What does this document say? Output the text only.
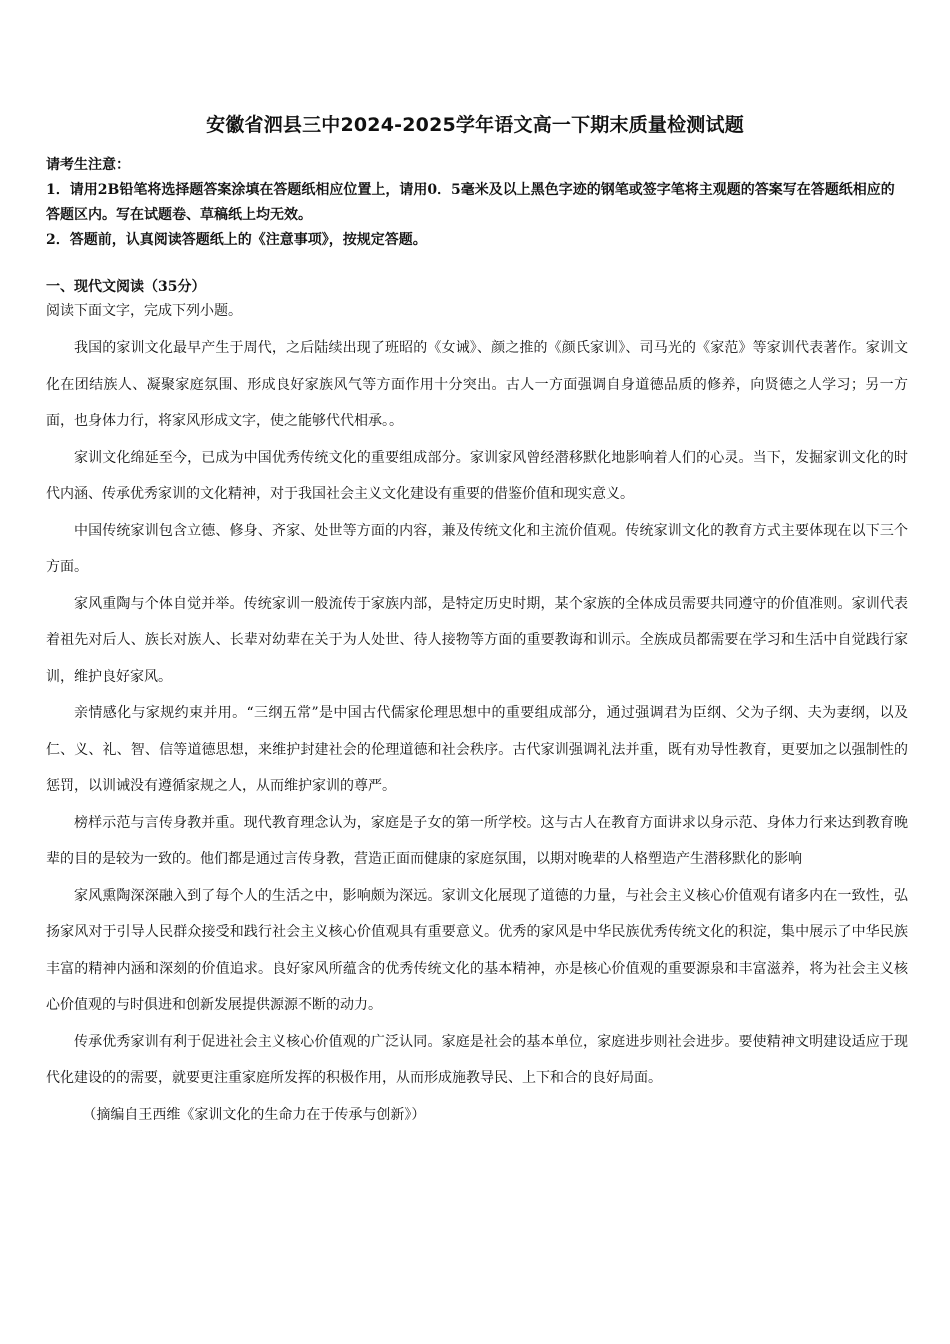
安徽省泗县三中2024-2025学年语文高一下期末质量检测试题

请考生注意：

1．请用2B铅笔将选择题答案涂填在答题纸相应位置上，请用0．5毫米及以上黑色字迹的钢笔或签字笔将主观题的答案写在答题纸相应的答题区内。写在试题卷、草稿纸上均无效。

2．答题前，认真阅读答题纸上的《注意事项》，按规定答题。

一、现代文阅读（35分）
阅读下面文字，完成下列小题。

我国的家训文化最早产生于周代，之后陆续出现了班昭的《女诫》、颜之推的《颜氏家训》、司马光的《家范》等家训代表著作。家训文化在团结族人、凝聚家庭氛围、形成良好家族风气等方面作用十分突出。古人一方面强调自身道德品质的修养，向贤德之人学习；另一方面，也身体力行，将家风形成文字，使之能够代代相承。。

家训文化绵延至今，已成为中国优秀传统文化的重要组成部分。家训家风曾经潜移默化地影响着人们的心灵。当下，发掘家训文化的时代内涵、传承优秀家训的文化精神，对于我国社会主义文化建设有重要的借鉴价值和现实意义。

中国传统家训包含立德、修身、齐家、处世等方面的内容，兼及传统文化和主流价值观。传统家训文化的教育方式主要体现在以下三个方面。

家风重陶与个体自觉并举。传统家训一般流传于家族内部，是特定历史时期，某个家族的全体成员需要共同遵守的价值准则。家训代表着祖先对后人、族长对族人、长辈对幼辈在关于为人处世、待人接物等方面的重要教诲和训示。全族成员都需要在学习和生活中自觉践行家训，维护良好家风。

亲情感化与家规约束并用。“三纲五常”是中国古代儒家伦理思想中的重要组成部分，通过强调君为臣纲、父为子纲、夫为妻纲，以及仁、义、礼、智、信等道德思想，来维护封建社会的伦理道德和社会秩序。古代家训强调礼法并重，既有劝导性教育，更要加之以强制性的惩罚，以训诫没有遵循家规之人，从而维护家训的尊严。

榜样示范与言传身教并重。现代教育理念认为，家庭是子女的第一所学校。这与古人在教育方面讲求以身示范、身体力行来达到教育晚辈的目的是较为一致的。他们都是通过言传身教，营造正面而健康的家庭氛围，以期对晚辈的人格塑造产生潜移默化的影响

家风熏陶深深融入到了每个人的生活之中，影响颇为深远。家训文化展现了道德的力量，与社会主义核心价值观有诸多内在一致性，弘扬家风对于引导人民群众接受和践行社会主义核心价值观具有重要意义。优秀的家风是中华民族优秀传统文化的积淀，集中展示了中华民族丰富的精神内涵和深刻的价值追求。良好家风所蕴含的优秀传统文化的基本精神，亦是核心价值观的重要源泉和丰富滋养，将为社会主义核心价值观的与时俱进和创新发展提供源源不断的动力。

传承优秀家训有利于促进社会主义核心价值观的广泛认同。家庭是社会的基本单位，家庭进步则社会进步。要使精神文明建设适应于现代化建设的的需要，就要更注重家庭所发挥的积极作用，从而形成施教导民、上下和合的良好局面。

（摘编自王西维《家训文化的生命力在于传承与创新》）
